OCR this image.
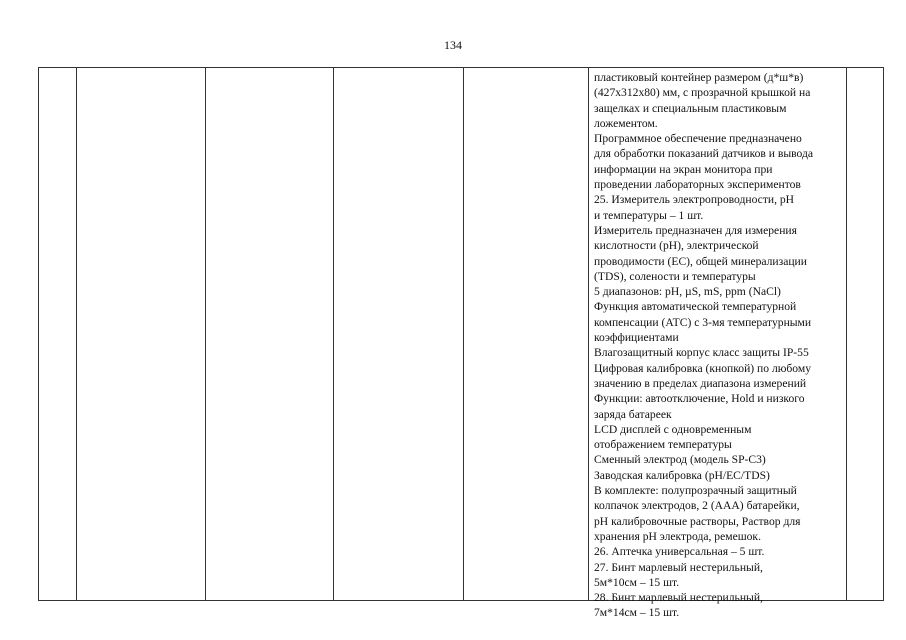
134
пластиковый контейнер размером (д*ш*в)
(427x312x80) мм, с прозрачной крышкой на
защелках и специальным пластиковым
ложементом.
Программное обеспечение предназначено
для обработки показаний датчиков и вывода
информации на экран монитора при
проведении лабораторных экспериментов
25. Измеритель электропроводности, pH
и температуры – 1 шт.
Измеритель предназначен для измерения
кислотности (pH), электрической
проводимости (EC), общей минерализации
(TDS), солености и температуры
5 диапазонов: pH, µS, mS, ppm (NaCl)
Функция автоматической температурной
компенсации (АТС) с 3-мя температурными
коэффициентами
Влагозащитный корпус класс защиты IP-55
Цифровая калибровка (кнопкой) по любому
значению в пределах диапазона измерений
Функции: автоотключение, Hold и низкого
заряда батареек
LCD дисплей с одновременным
отображением температуры
Сменный электрод (модель SP-C3)
Заводская калибровка (pH/EC/TDS)
В комплекте: полупрозрачный защитный
колпачок электродов, 2 (ААА) батарейки,
pH калибровочные растворы, Раствор для
хранения pH электрода, ремешок.
26. Аптечка универсальная – 5 шт.
27. Бинт марлевый нестерильный,
5м*10см – 15 шт.
28. Бинт марлевый нестерильный,
7м*14см – 15 шт.
